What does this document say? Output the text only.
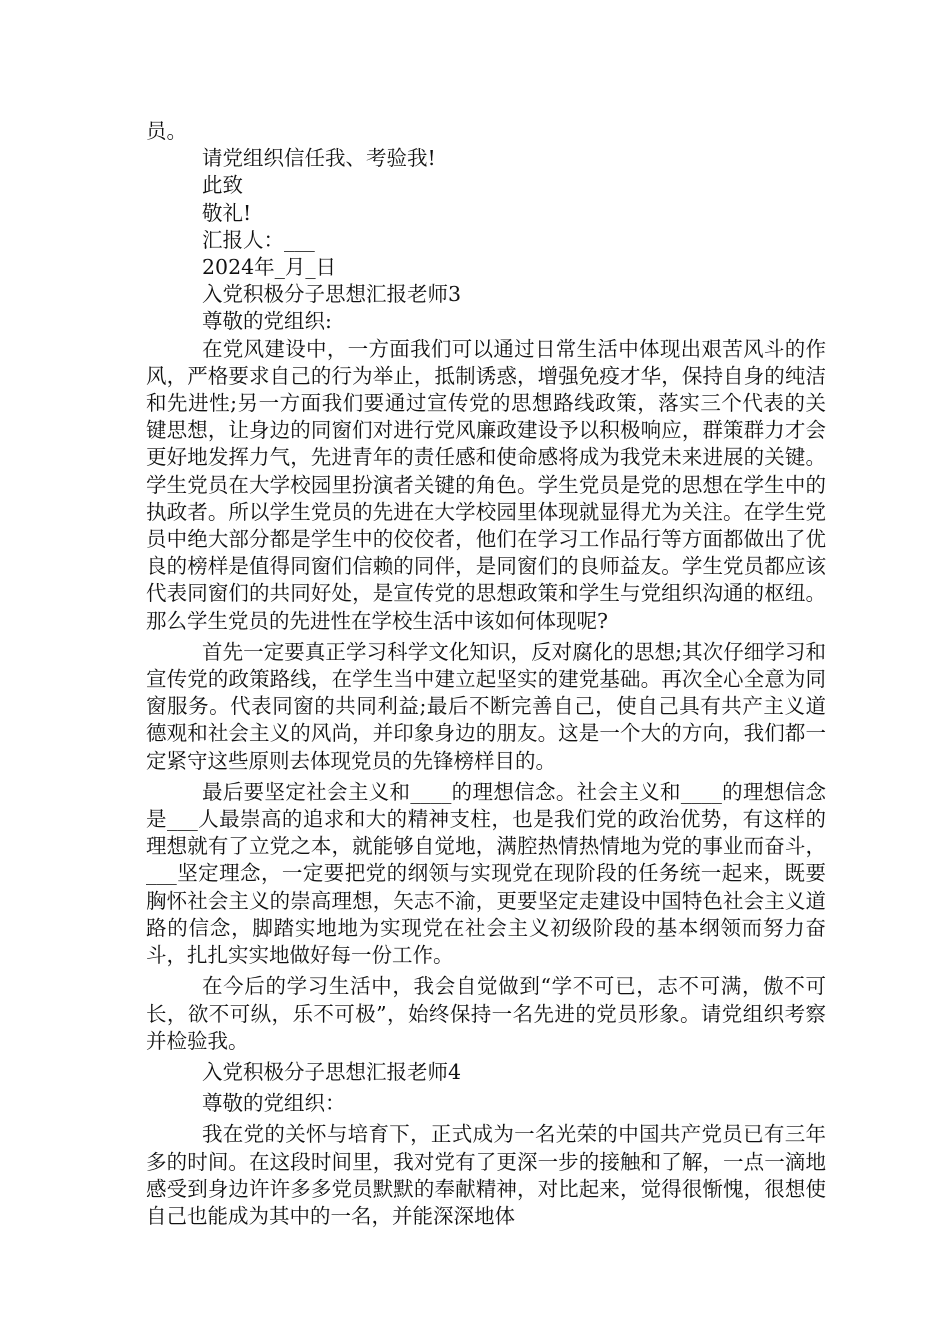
员。

请党组织信任我、考验我!

此致

敬礼!

汇报人：___

2024年_月_日

入党积极分子思想汇报老师3

尊敬的党组织:

在党风建设中，一方面我们可以通过日常生活中体现出艰苦风斗的作风，严格要求自己的行为举止，抵制诱惑，增强免疫才华，保持自身的纯洁和先进性;另一方面我们要通过宣传党的思想路线政策，落实三个代表的关键思想，让身边的同窗们对进行党风廉政建设予以积极响应，群策群力才会更好地发挥力气，先进青年的责任感和使命感将成为我党未来进展的关键。学生党员在大学校园里扮演者关键的角色。学生党员是党的思想在学生中的执政者。所以学生党员的先进在大学校园里体现就显得尤为关注。在学生党员中绝大部分都是学生中的佼佼者，他们在学习工作品行等方面都做出了优良的榜样是值得同窗们信赖的同伴，是同窗们的良师益友。学生党员都应该代表同窗们的共同好处，是宣传党的思想政策和学生与党组织沟通的枢纽。那么学生党员的先进性在学校生活中该如何体现呢?

首先一定要真正学习科学文化知识，反对腐化的思想;其次仔细学习和宣传党的政策路线，在学生当中建立起坚实的建党基础。再次全心全意为同窗服务。代表同窗的共同利益;最后不断完善自己，使自己具有共产主义道德观和社会主义的风尚，并印象身边的朋友。这是一个大的方向，我们都一定紧守这些原则去体现党员的先锋榜样目的。

最后要坚定社会主义和____的理想信念。社会主义和____的理想信念是___人最崇高的追求和大的精神支柱，也是我们党的政治优势，有这样的理想就有了立党之本，就能够自觉地，满腔热情热情地为党的事业而奋斗，___坚定理念，一定要把党的纲领与实现党在现阶段的任务统一起来，既要胸怀社会主义的崇高理想，矢志不渝，更要坚定走建设中国特色社会主义道路的信念，脚踏实地地为实现党在社会主义初级阶段的基本纲领而努力奋斗，扎扎实实地做好每一份工作。

在今后的学习生活中，我会自觉做到“学不可已，志不可满，傲不可长，欲不可纵，乐不可极”，始终保持一名先进的党员形象。请党组织考察并检验我。

入党积极分子思想汇报老师4

尊敬的党组织：

我在党的关怀与培育下，正式成为一名光荣的中国共产党员已有三年多的时间。在这段时间里，我对党有了更深一步的接触和了解，一点一滴地感受到身边许许多多党员默默的奉献精神，对比起来，觉得很惭愧，很想使自己也能成为其中的一名，并能深深地体
